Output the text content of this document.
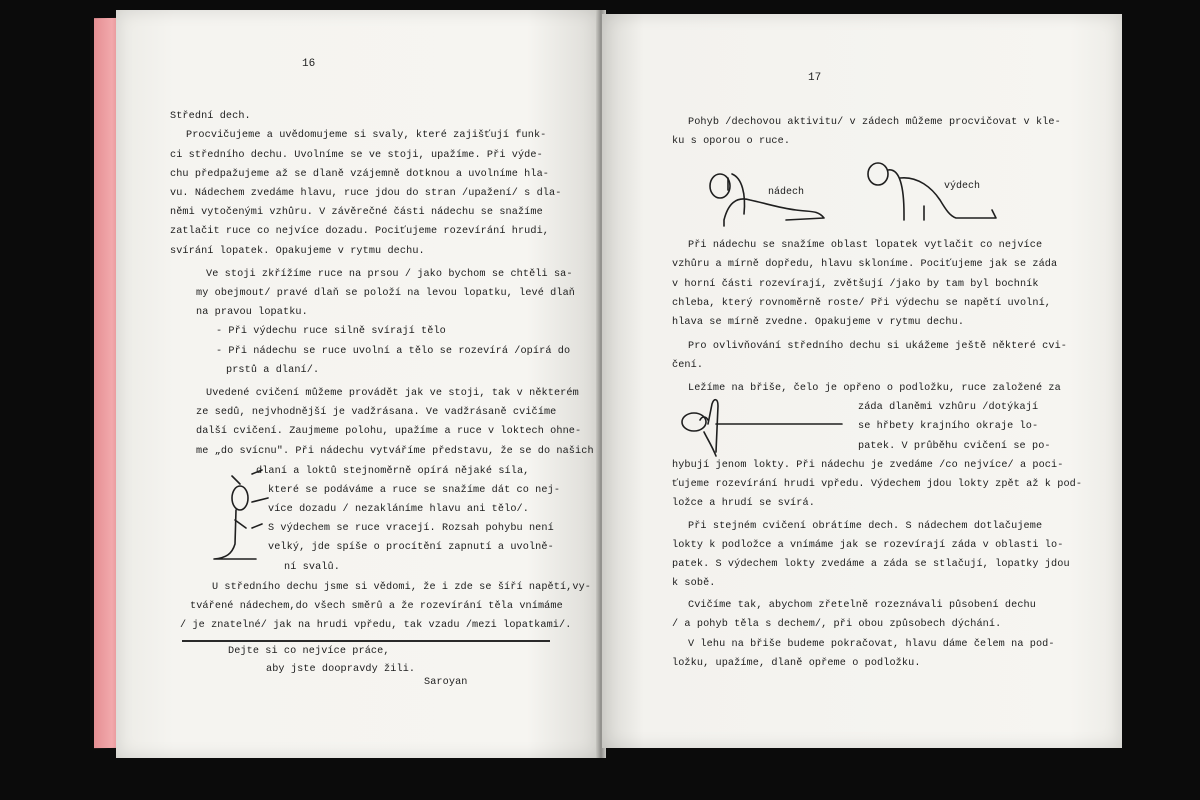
16
Střední dech.
Procvičujeme a uvědomujeme si svaly, které zajišťují funk-
ci středního dechu. Uvolníme se ve stoji, upažíme. Při výde-
chu předpažujeme až se dlaně vzájemně dotknou a uvolníme hla-
vu. Nádechem zvedáme hlavu, ruce jdou do stran /upažení/ s dla-
němi vytočenými vzhůru. V závěrečné části nádechu se snažíme
zatlačit ruce co nejvíce dozadu. Pociťujeme rozevírání hrudi,
svírání lopatek. Opakujeme v rytmu dechu.
Ve stoji zkřížíme ruce na prsou / jako bychom se chtěli sa-
my obejmout/ pravé dlaň se položí na levou lopatku, levé dlaň
na pravou lopatku.
- Při výdechu ruce silně svírají tělo
- Při nádechu se ruce uvolní a tělo se rozevírá /opírá do
prstů a dlaní/.
Uvedené cvičení můžeme provádět jak ve stoji, tak v některém
ze sedů, nejvhodnější je vadžrásana. Ve vadžrásaně cvičíme
další cvičení. Zaujmeme polohu, upažíme a ruce v loktech ohne-
me „do svícnu". Při nádechu vytváříme představu, že se do našich
dlaní a loktů stejnoměrně opírá nějaké síla,
které se podáváme a ruce se snažíme dát co nej-
více dozadu / nezakláníme hlavu ani tělo/.
S výdechem se ruce vracejí. Rozsah pohybu není
velký, jde spíše o procítění zapnutí a uvolně-
ní svalů.
U středního dechu jsme si vědomi, že i zde se šíří napětí,vy-
tvářené nádechem,do všech směrů a že rozevírání těla vnímáme
/ je znatelné/ jak na hrudi vpředu, tak vzadu /mezi lopatkami/.
Dejte si co nejvíce práce,
aby jste doopravdy žili.
Saroyan
17
Pohyb /dechovou aktivitu/ v zádech můžeme procvičovat v kle-
ku s oporou o ruce.
nádech
výdech
Při nádechu se snažíme oblast lopatek vytlačit co nejvíce
vzhůru a mírně dopředu, hlavu skloníme. Pociťujeme jak se záda
v horní části rozevírají, zvětšují /jako by tam byl bochník
chleba, který rovnoměrně roste/ Při výdechu se napětí uvolní,
hlava se mírně zvedne. Opakujeme v rytmu dechu.
Pro ovlivňování středního dechu si ukážeme ještě některé cvi-
čení.
Ležíme na břiše, čelo je opřeno o podložku, ruce založené za
záda dlaněmi vzhůru /dotýkají
se hřbety krajního okraje lo-
patek. V průběhu cvičení se po-
hybují jenom lokty. Při nádechu je zvedáme /co nejvíce/ a poci-
ťujeme rozevírání hrudi vpředu. Výdechem jdou lokty zpět až k pod-
ložce a hrudí se svírá.
Při stejném cvičení obrátíme dech. S nádechem dotlačujeme
lokty k podložce a vnímáme jak se rozevírají záda v oblasti lo-
patek. S výdechem lokty zvedáme a záda se stlačují, lopatky jdou
k sobě.
Cvičíme tak, abychom zřetelně rozeznávali působení dechu
/ a pohyb těla s dechem/, při obou způsobech dýchání.
V lehu na břiše budeme pokračovat, hlavu dáme čelem na pod-
ložku, upažíme, dlaně opřeme o podložku.
